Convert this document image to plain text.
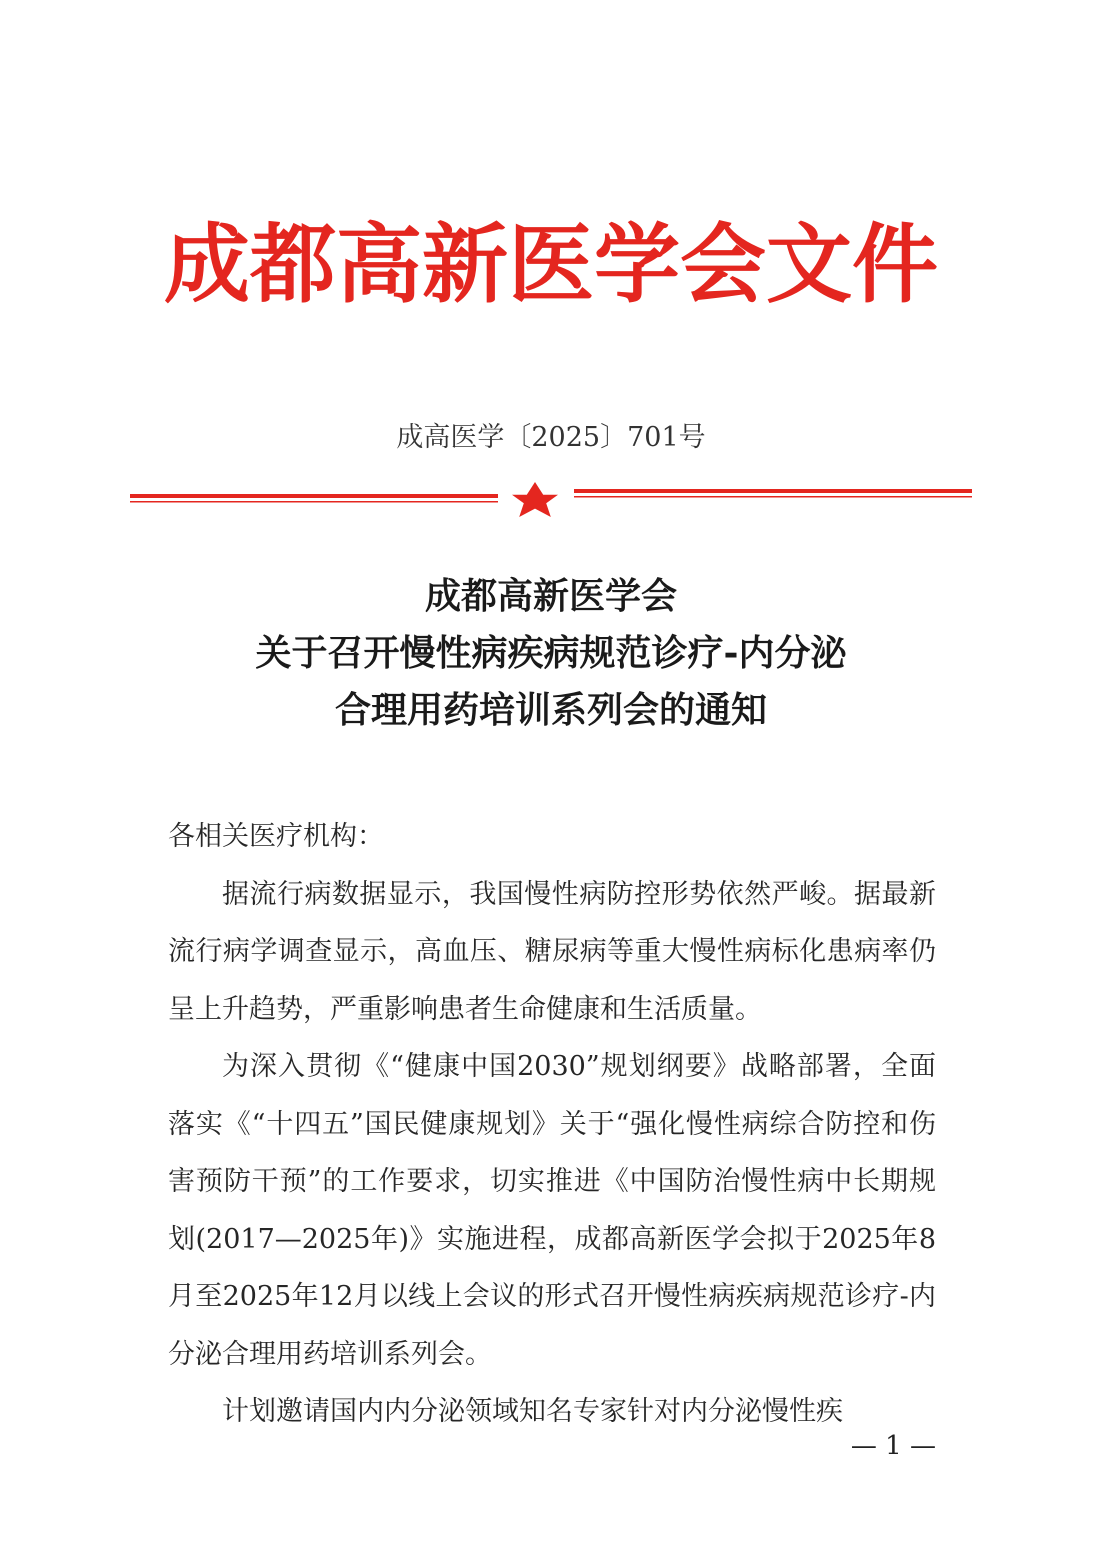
成都高新医学会文件
成高医学〔2025〕701号
成都高新医学会
关于召开慢性病疾病规范诊疗-内分泌
合理用药培训系列会的通知

各相关医疗机构：

据流行病数据显示，我国慢性病防控形势依然严峻。据最新流行病学调查显示，高血压、糖尿病等重大慢性病标化患病率仍呈上升趋势，严重影响患者生命健康和生活质量。

为深入贯彻《“健康中国2030”规划纲要》战略部署，全面落实《“十四五”国民健康规划》关于“强化慢性病综合防控和伤害预防干预”的工作要求，切实推进《中国防治慢性病中长期规划(2017—2025年)》实施进程，成都高新医学会拟于2025年8月至2025年12月以线上会议的形式召开慢性病疾病规范诊疗-内分泌合理用药培训系列会。

计划邀请国内内分泌领域知名专家针对内分泌慢性疾

— 1 —
